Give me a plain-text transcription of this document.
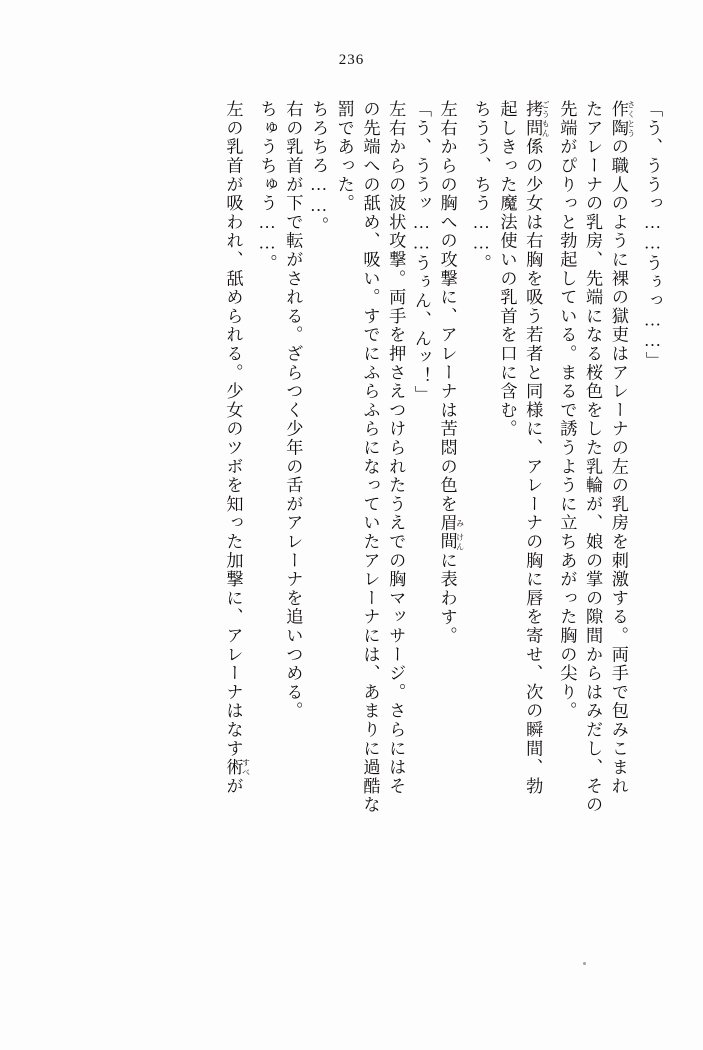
236
「う、ううっ……うぅっ……」
作陶 さくとうの職人のように裸の獄吏はアレーナの左の乳房を刺激する。両手で包みこまれ
たアレーナの乳房、先端になる桜色をした乳輪が、娘の掌の隙間からはみだし、その
先端がぴりっと勃起している。まるで誘うように立ちあがった胸の尖り。
拷問 ごうもん係の少女は右胸を吸う若者と同様に、アレーナの胸に唇を寄せ、次の瞬間、勃
起しきった魔法使いの乳首を口に含む。
ちうう、ちう……。
左右からの胸への攻撃に、アレーナは苦悶の色を眉 み間 けんに表わす。
「う、ううッ……うぅん、んッ！」
左右からの波状攻撃。両手を押さえつけられたうえでの胸マッサージ。さらにはそ
の先端への舐め、吸い。すでにふらふらになっていたアレーナには、あまりに過酷な
罰であった。
ちろちろ……。
右の乳首が下で転がされる。ざらつく少年の舌がアレーナを追いつめる。
ちゅうちゅう……。
左の乳首が吸われ、舐められる。少女のツボを知った加撃に、アレーナはなす術 すべが
